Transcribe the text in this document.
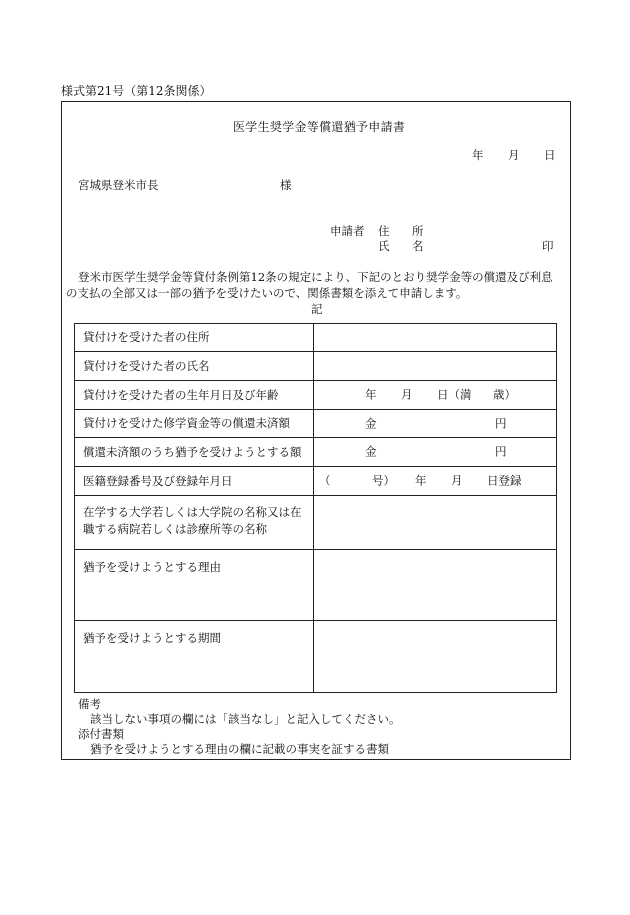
様式第21号（第12条関係）
医学生奨学金等償還猶予申請書
年 月 日
宮城県登米市長	様
申請者 住 所
氏 名	印
登米市医学生奨学金等貸付条例第12条の規定により、下記のとおり奨学金等の償還及び利息
の支払の全部又は一部の猶予を受けたいので、関係書類を添えて申請します。
記
貸付けを受けた者の住所	
貸付けを受けた者の氏名	
貸付けを受けた者の生年月日及び年齢	年 月 日（満 歳）

貸付けを受けた修学資金等の償還未済額	金 円

償還未済額のうち猶予を受けようとする額	金 円

医籍登録番号及び登録年月日	（ 号） 年 月 日登録

在学する大学若しくは大学院の名称又は在
職する病院若しくは診療所等の名称	

猶予を受けようとする理由	
猶予を受けようとする期間	
備考
該当しない事項の欄には「該当なし」と記入してください。
添付書類
猶予を受けようとする理由の欄に記載の事実を証する書類
